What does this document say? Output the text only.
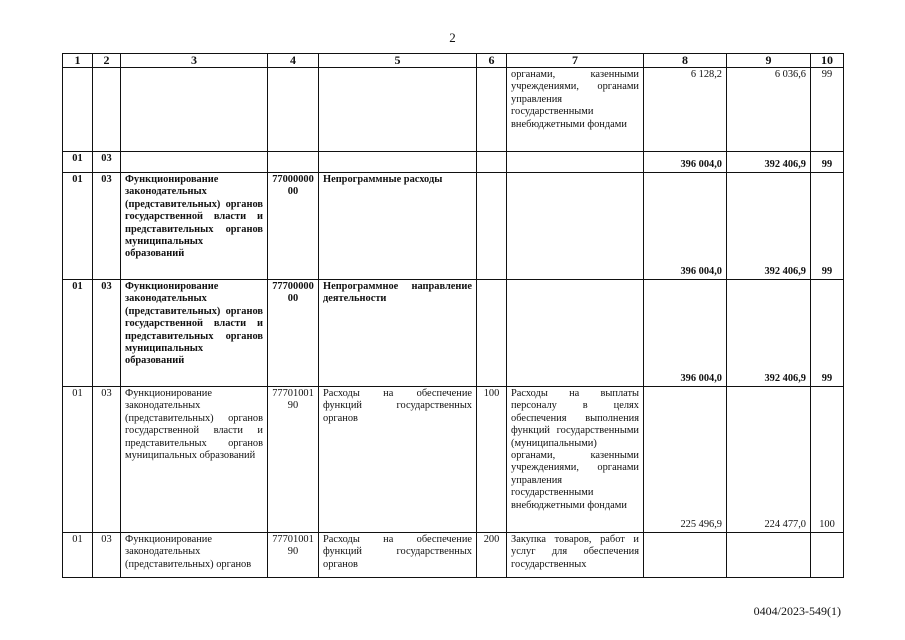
2
1	2	3	4	5	6	7	8	9	10
						органами, казенными учреждениями, органами управления государственными внебюджетными фондами	6 128,2	6 036,6	99
01	03						396 004,0	392 406,9	99
01	03	Функционирование законодательных (представительных) органов государственной власти и представительных органов муниципальных образований	7700000000	Непрограммные расходы			396 004,0	392 406,9	99
01	03	Функционирование законодательных (представительных) органов государственной власти и представительных органов муниципальных образований	7770000000	Непрограммное направление деятельности			396 004,0	392 406,9	99
01	03	Функционирование законодательных (представительных) органов государственной власти и представительных органов муниципальных образований	7770100190	Расходы на обеспечение функций государственных органов	100	Расходы на выплаты персоналу в целях обеспечения выполнения функций государственными (муниципальными) органами, казенными учреждениями, органами управления государственными внебюджетными фондами	225 496,9	224 477,0	100
01	03	Функционирование законодательных (представительных) органов	7770100190	Расходы на обеспечение функций государственных органов	200	Закупка товаров, работ и услуг для обеспечения государственных			
0404/2023-549(1)
